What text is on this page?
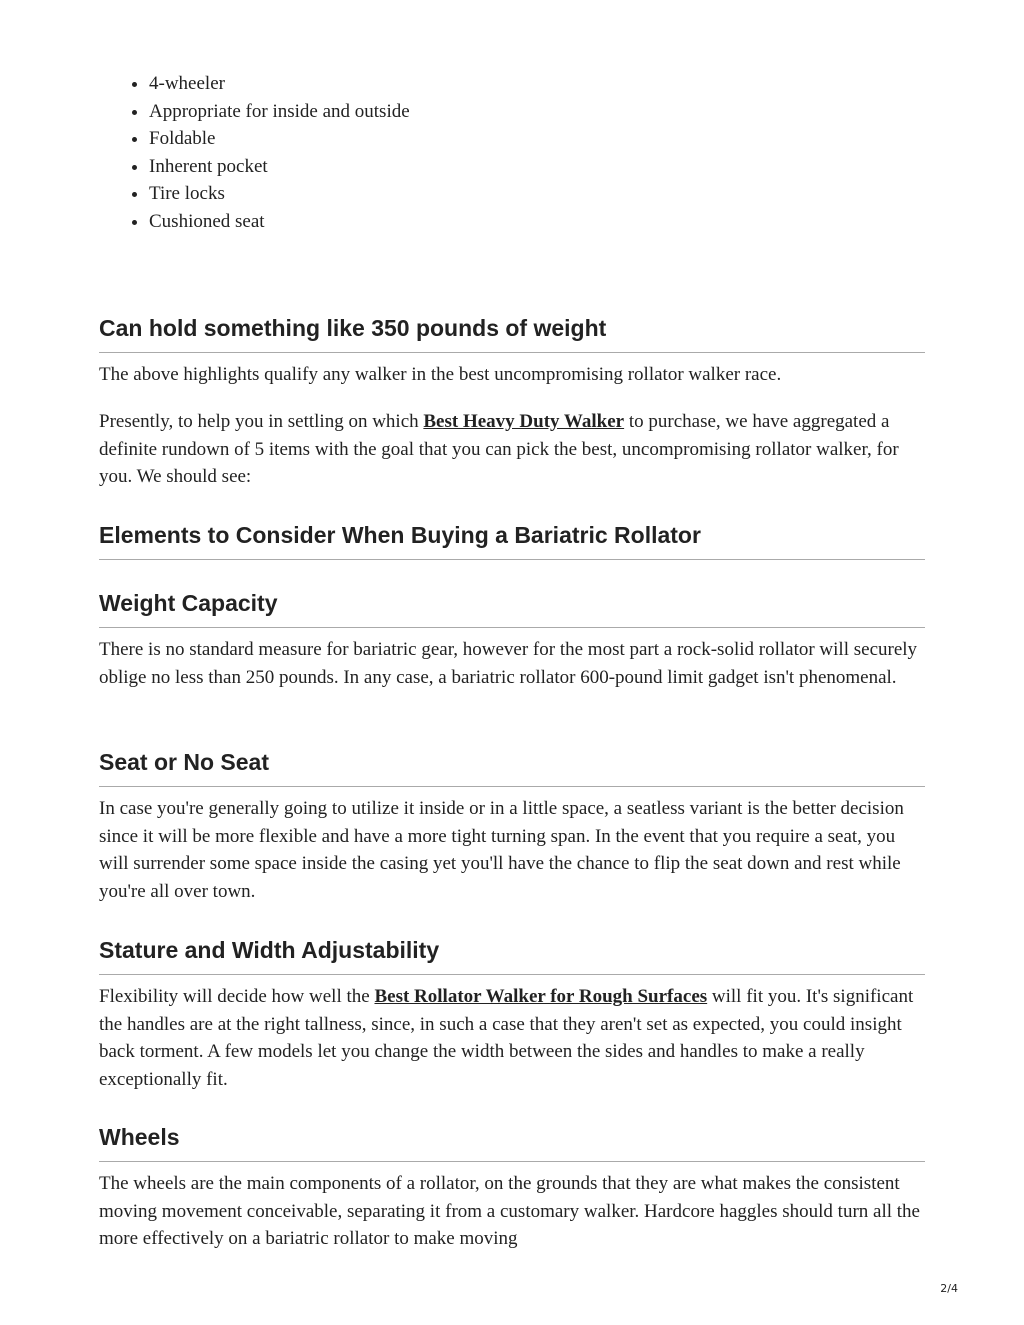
• 4-wheeler
• Appropriate for inside and outside
• Foldable
• Inherent pocket
• Tire locks
• Cushioned seat
Can hold something like 350 pounds of weight

The above highlights qualify any walker in the best uncompromising rollator walker race.

Presently, to help you in settling on which Best Heavy Duty Walker to purchase, we have aggregated a definite rundown of 5 items with the goal that you can pick the best, uncompromising rollator walker, for you. We should see:

Elements to Consider When Buying a Bariatric Rollator
Weight Capacity

There is no standard measure for bariatric gear, however for the most part a rock-solid rollator will securely oblige no less than 250 pounds. In any case, a bariatric rollator 600-pound limit gadget isn't phenomenal.

Seat or No Seat

In case you're generally going to utilize it inside or in a little space, a seatless variant is the better decision since it will be more flexible and have a more tight turning span. In the event that you require a seat, you will surrender some space inside the casing yet you'll have the chance to flip the seat down and rest while you're all over town.

Stature and Width Adjustability

Flexibility will decide how well the Best Rollator Walker for Rough Surfaces will fit you. It's significant the handles are at the right tallness, since, in such a case that they aren't set as expected, you could insight back torment. A few models let you change the width between the sides and handles to make a really exceptionally fit.

Wheels

The wheels are the main components of a rollator, on the grounds that they are what makes the consistent moving movement conceivable, separating it from a customary walker. Hardcore haggles should turn all the more effectively on a bariatric rollator to make moving

2/4
